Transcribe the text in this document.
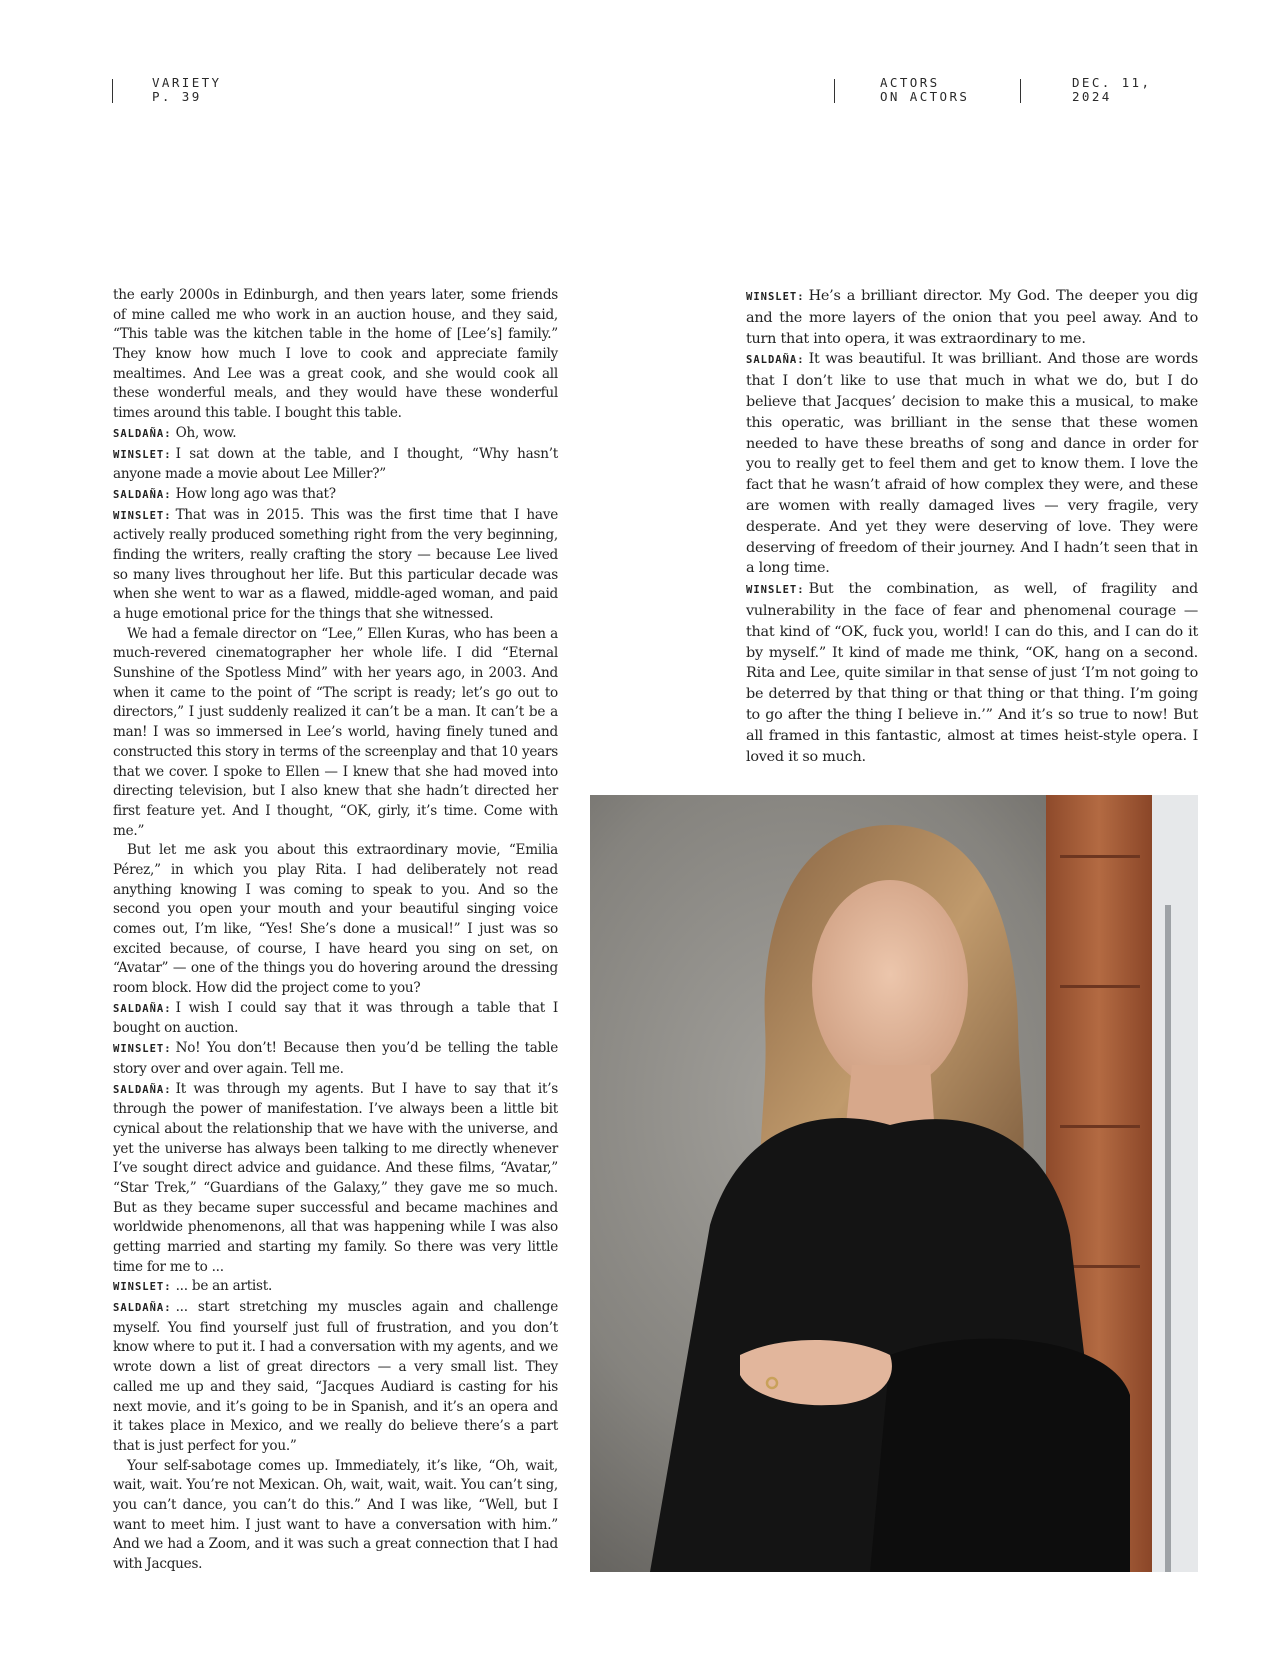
VARIETY
P. 39
ACTORS
ON ACTORS
DEC. 11,
2024

the early 2000s in Edinburgh, and then years later, some friends of mine called me who work in an auction house, and they said, “This table was the kitchen table in the home of [Lee’s] family.” They know how much I love to cook and appreciate family mealtimes. And Lee was a great cook, and she would cook all these wonderful meals, and they would have these wonderful times around this table. I bought this table.

SALDAÑA: Oh, wow.

WINSLET: I sat down at the table, and I thought, “Why hasn’t anyone made a movie about Lee Miller?”

SALDAÑA: How long ago was that?

WINSLET: That was in 2015. This was the first time that I have actively really produced something right from the very beginning, finding the writers, really crafting the story — because Lee lived so many lives throughout her life. But this particular decade was when she went to war as a flawed, middle-aged woman, and paid a huge emotional price for the things that she witnessed.

We had a female director on “Lee,” Ellen Kuras, who has been a much-revered cinematographer her whole life. I did “Eternal Sunshine of the Spotless Mind” with her years ago, in 2003. And when it came to the point of “The script is ready; let’s go out to directors,” I just suddenly realized it can’t be a man. It can’t be a man! I was so immersed in Lee’s world, having finely tuned and constructed this story in terms of the screenplay and that 10 years that we cover. I spoke to Ellen — I knew that she had moved into directing television, but I also knew that she hadn’t directed her first feature yet. And I thought, “OK, girly, it’s time. Come with me.”

But let me ask you about this extraordinary movie, “Emilia Pérez,” in which you play Rita. I had deliberately not read anything knowing I was coming to speak to you. And so the second you open your mouth and your beautiful singing voice comes out, I’m like, “Yes! She’s done a musical!” I just was so excited because, of course, I have heard you sing on set, on “Avatar” — one of the things you do hovering around the dressing room block. How did the project come to you?

SALDAÑA: I wish I could say that it was through a table that I bought on auction.

WINSLET: No! You don’t! Because then you’d be telling the table story over and over again. Tell me.

SALDAÑA: It was through my agents. But I have to say that it’s through the power of manifestation. I’ve always been a little bit cynical about the relationship that we have with the universe, and yet the universe has always been talking to me directly whenever I’ve sought direct advice and guidance. And these films, “Avatar,” “Star Trek,” “Guardians of the Galaxy,” they gave me so much. But as they became super successful and became machines and worldwide phenomenons, all that was happening while I was also getting married and starting my family. So there was very little time for me to ...

WINSLET: ... be an artist.

SALDAÑA: ... start stretching my muscles again and challenge myself. You find yourself just full of frustration, and you don’t know where to put it. I had a conversation with my agents, and we wrote down a list of great directors — a very small list. They called me up and they said, “Jacques Audiard is casting for his next movie, and it’s going to be in Spanish, and it’s an opera and it takes place in Mexico, and we really do believe there’s a part that is just perfect for you.”

Your self-sabotage comes up. Immediately, it’s like, “Oh, wait, wait, wait. You’re not Mexican. Oh, wait, wait, wait. You can’t sing, you can’t dance, you can’t do this.” And I was like, “Well, but I want to meet him. I just want to have a conversation with him.” And we had a Zoom, and it was such a great connection that I had with Jacques.

WINSLET: He’s a brilliant director. My God. The deeper you dig and the more layers of the onion that you peel away. And to turn that into opera, it was extraordinary to me.

SALDAÑA: It was beautiful. It was brilliant. And those are words that I don’t like to use that much in what we do, but I do believe that Jacques’ decision to make this a musical, to make this operatic, was brilliant in the sense that these women needed to have these breaths of song and dance in order for you to really get to feel them and get to know them. I love the fact that he wasn’t afraid of how complex they were, and these are women with really damaged lives — very fragile, very desperate. And yet they were deserving of love. They were deserving of freedom of their journey. And I hadn’t seen that in a long time.

WINSLET: But the combination, as well, of fragility and vulnerability in the face of fear and phenomenal courage — that kind of “OK, fuck you, world! I can do this, and I can do it by myself.” It kind of made me think, “OK, hang on a second. Rita and Lee, quite similar in that sense of just ‘I’m not going to be deterred by that thing or that thing or that thing. I’m going to go after the thing I believe in.’” And it’s so true to now! But all framed in this fantastic, almost at times heist-style opera. I loved it so much.
